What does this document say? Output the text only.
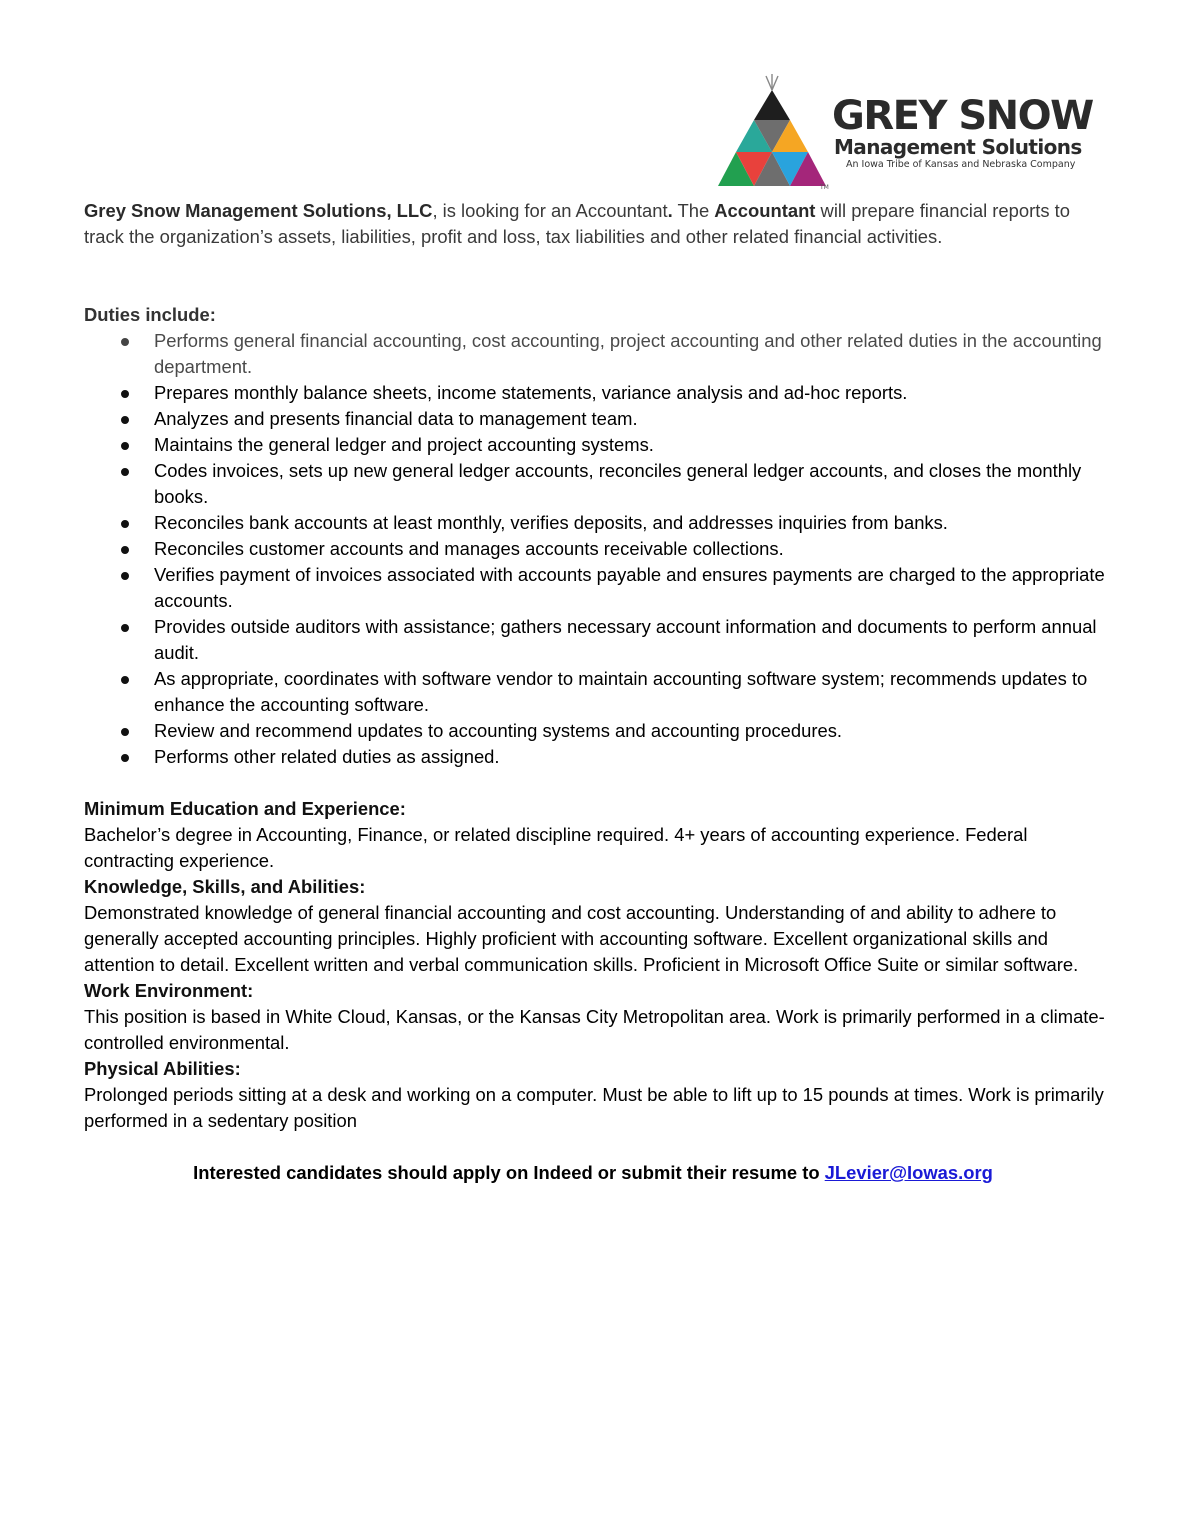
TM
GREY SNOW
Management Solutions
An Iowa Tribe of Kansas and Nebraska Company

Grey Snow Management Solutions, LLC, is looking for an Accountant. The Accountant will prepare financial reports to track the organization’s assets, liabilities, profit and loss, tax liabilities and other related financial activities.

Duties include:

Performs general financial accounting, cost accounting, project accounting and other related duties in the accounting department.
Prepares monthly balance sheets, income statements, variance analysis and ad-hoc reports.
Analyzes and presents financial data to management team.
Maintains the general ledger and project accounting systems.
Codes invoices, sets up new general ledger accounts, reconciles general ledger accounts, and closes the monthly books.
Reconciles bank accounts at least monthly, verifies deposits, and addresses inquiries from banks.
Reconciles customer accounts and manages accounts receivable collections.
Verifies payment of invoices associated with accounts payable and ensures payments are charged to the appropriate accounts.
Provides outside auditors with assistance; gathers necessary account information and documents to perform annual audit.
As appropriate, coordinates with software vendor to maintain accounting software system; recommends updates to enhance the accounting software.
Review and recommend updates to accounting systems and accounting procedures.
Performs other related duties as assigned.

Minimum Education and Experience:

Bachelor’s degree in Accounting, Finance, or related discipline required. 4+ years of accounting experience. Federal contracting experience.

Knowledge, Skills, and Abilities:

Demonstrated knowledge of general financial accounting and cost accounting. Understanding of and ability to adhere to generally accepted accounting principles. Highly proficient with accounting software. Excellent organizational skills and attention to detail. Excellent written and verbal communication skills. Proficient in Microsoft Office Suite or similar software.

Work Environment:

This position is based in White Cloud, Kansas, or the Kansas City Metropolitan area. Work is primarily performed in a climate-controlled environmental.

Physical Abilities:

Prolonged periods sitting at a desk and working on a computer. Must be able to lift up to 15 pounds at times. Work is primarily performed in a sedentary position

Interested candidates should apply on Indeed or submit their resume to JLevier@Iowas.org
